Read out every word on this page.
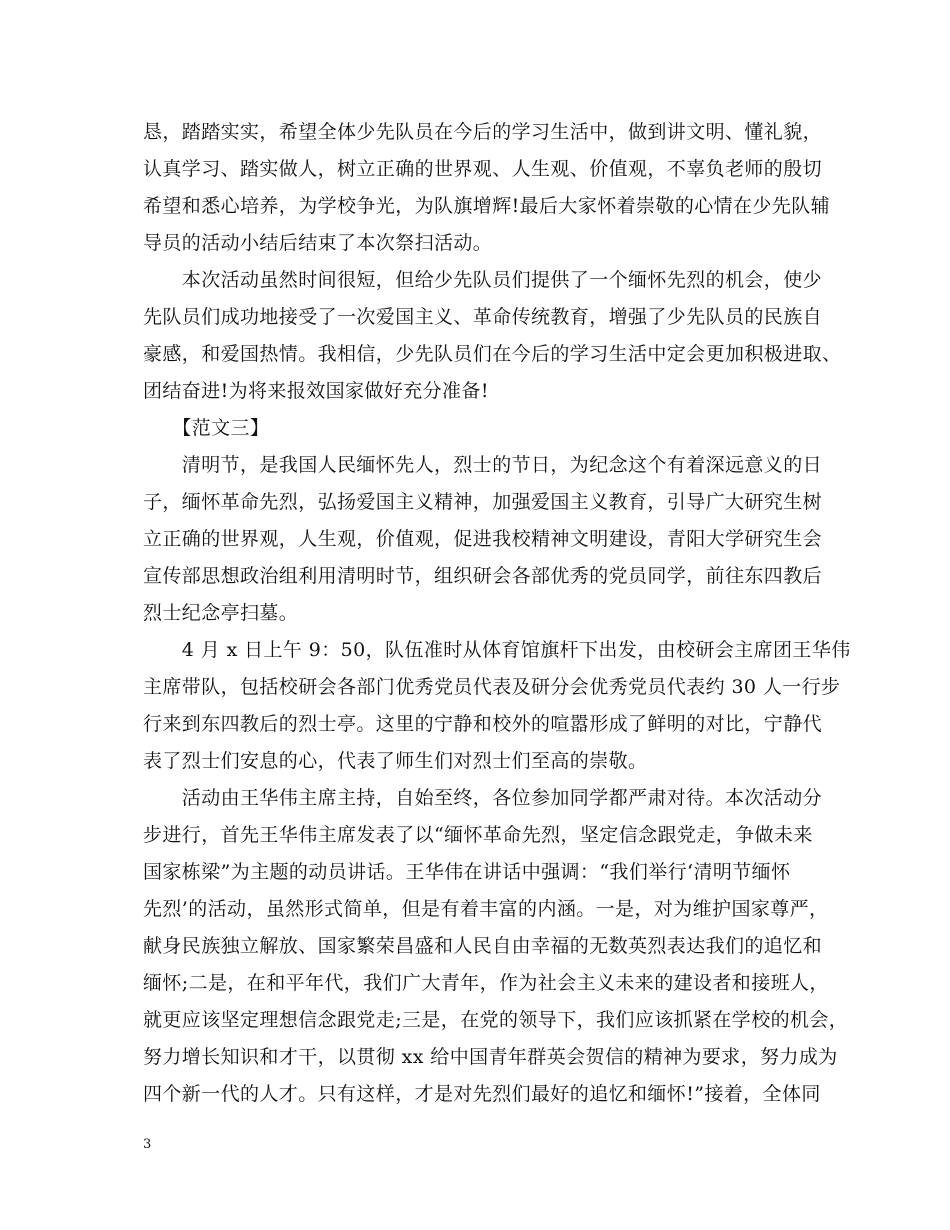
恳，踏踏实实，希望全体少先队员在今后的学习生活中，做到讲文明、懂礼貌，
认真学习、踏实做人，树立正确的世界观、人生观、价值观，不辜负老师的殷切
希望和悉心培养，为学校争光，为队旗增辉!最后大家怀着崇敬的心情在少先队辅
导员的活动小结后结束了本次祭扫活动。
　　本次活动虽然时间很短，但给少先队员们提供了一个缅怀先烈的机会，使少
先队员们成功地接受了一次爱国主义、革命传统教育，增强了少先队员的民族自
豪感，和爱国热情。我相信，少先队员们在今后的学习生活中定会更加积极进取、
团结奋进!为将来报效国家做好充分准备!
　　【范文三】
　　清明节，是我国人民缅怀先人，烈士的节日，为纪念这个有着深远意义的日
子，缅怀革命先烈，弘扬爱国主义精神，加强爱国主义教育，引导广大研究生树
立正确的世界观，人生观，价值观，促进我校精神文明建设，青阳大学研究生会
宣传部思想政治组利用清明时节，组织研会各部优秀的党员同学，前往东四教后
烈士纪念亭扫墓。
　　4 月 x 日上午 9：50，队伍准时从体育馆旗杆下出发，由校研会主席团王华伟
主席带队，包括校研会各部门优秀党员代表及研分会优秀党员代表约 30 人一行步
行来到东四教后的烈士亭。这里的宁静和校外的喧嚣形成了鲜明的对比，宁静代
表了烈士们安息的心，代表了师生们对烈士们至高的崇敬。
　　活动由王华伟主席主持，自始至终，各位参加同学都严肃对待。本次活动分
步进行，首先王华伟主席发表了以“缅怀革命先烈，坚定信念跟党走，争做未来
国家栋梁”为主题的动员讲话。王华伟在讲话中强调：“我们举行‘清明节缅怀
先烈’的活动，虽然形式简单，但是有着丰富的内涵。一是，对为维护国家尊严，
献身民族独立解放、国家繁荣昌盛和人民自由幸福的无数英烈表达我们的追忆和
缅怀;二是，在和平年代，我们广大青年，作为社会主义未来的建设者和接班人，
就更应该坚定理想信念跟党走;三是，在党的领导下，我们应该抓紧在学校的机会，
努力增长知识和才干，以贯彻 xx 给中国青年群英会贺信的精神为要求，努力成为
四个新一代的人才。只有这样，才是对先烈们最好的追忆和缅怀!”接着，全体同
3
